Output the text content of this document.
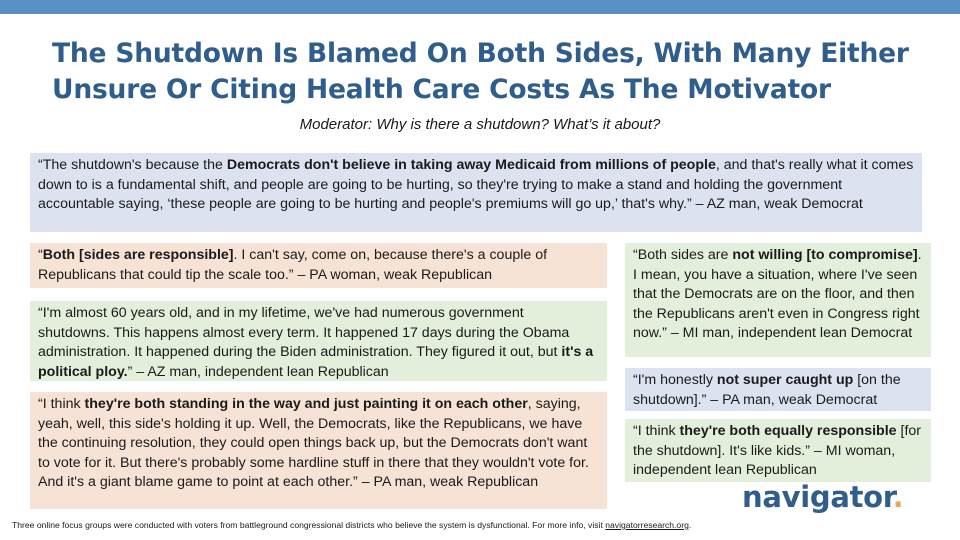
The Shutdown Is Blamed On Both Sides, With Many Either
Unsure Or Citing Health Care Costs As The Motivator
Moderator: Why is there a shutdown? What’s it about?
“The shutdown's because the Democrats don't believe in taking away Medicaid from millions of people, and that's really what it comes down to is a fundamental shift, and people are going to be hurting, so they're trying to make a stand and holding the government accountable saying, ‘these people are going to be hurting and people's premiums will go up,’ that's why.” – AZ man, weak Democrat
“Both [sides are responsible]. I can't say, come on, because there's a couple of Republicans that could tip the scale too.” – PA woman, weak Republican
“I'm almost 60 years old, and in my lifetime, we've had numerous government shutdowns. This happens almost every term. It happened 17 days during the Obama administration. It happened during the Biden administration. They figured it out, but it's a political ploy.” – AZ man, independent lean Republican
“I think they're both standing in the way and just painting it on each other, saying, yeah, well, this side's holding it up. Well, the Democrats, like the Republicans, we have the continuing resolution, they could open things back up, but the Democrats don't want to vote for it. But there's probably some hardline stuff in there that they wouldn't vote for. And it's a giant blame game to point at each other.” – PA man, weak Republican
“Both sides are not willing [to compromise]. I mean, you have a situation, where I've seen that the Democrats are on the floor, and then the Republicans aren't even in Congress right now.” – MI man, independent lean Democrat
“I'm honestly not super caught up [on the shutdown].” – PA man, weak Democrat
“I think they're both equally responsible [for the shutdown]. It's like kids.” – MI woman, independent lean Republican
navigator.
Three online focus groups were conducted with voters from battleground congressional districts who believe the system is dysfunctional. For more info, visit navigatorresearch.org.
